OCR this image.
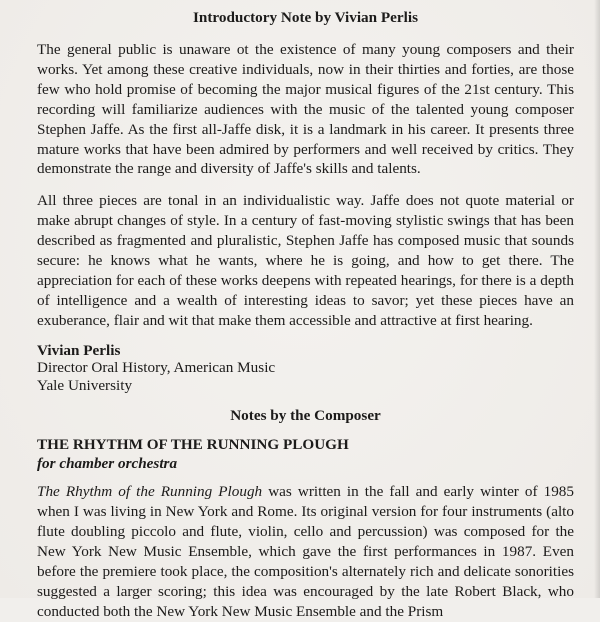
Introductory Note by Vivian Perlis

The general public is unaware ot the existence of many young composers and their works. Yet among these creative individuals, now in their thirties and forties, are those few who hold promise of becoming the major musical figures of the 21st century. This recording will familiarize audiences with the music of the talented young composer Stephen Jaffe. As the first all-Jaffe disk, it is a landmark in his career. It presents three mature works that have been admired by performers and well received by critics. They demonstrate the range and diversity of Jaffe's skills and talents.

All three pieces are tonal in an individualistic way. Jaffe does not quote material or make abrupt changes of style. In a century of fast-moving stylistic swings that has been described as fragmented and pluralistic, Stephen Jaffe has composed music that sounds secure: he knows what he wants, where he is going, and how to get there. The appreciation for each of these works deepens with repeated hearings, for there is a depth of intelligence and a wealth of interesting ideas to savor; yet these pieces have an exuberance, flair and wit that make them accessible and attractive at first hearing.

Vivian Perlis
Director Oral History, American Music
Yale University
Notes by the Composer
THE RHYTHM OF THE RUNNING PLOUGH
for chamber orchestra

The Rhythm of the Running Plough was written in the fall and early winter of 1985 when I was living in New York and Rome. Its original version for four instruments (alto flute doubling piccolo and flute, violin, cello and percussion) was composed for the New York New Music Ensemble, which gave the first performances in 1987. Even before the premiere took place, the composition's alternately rich and delicate sonorities suggested a larger scoring; this idea was encouraged by the late Robert Black, who conducted both the New York New Music Ensemble and the Prism
